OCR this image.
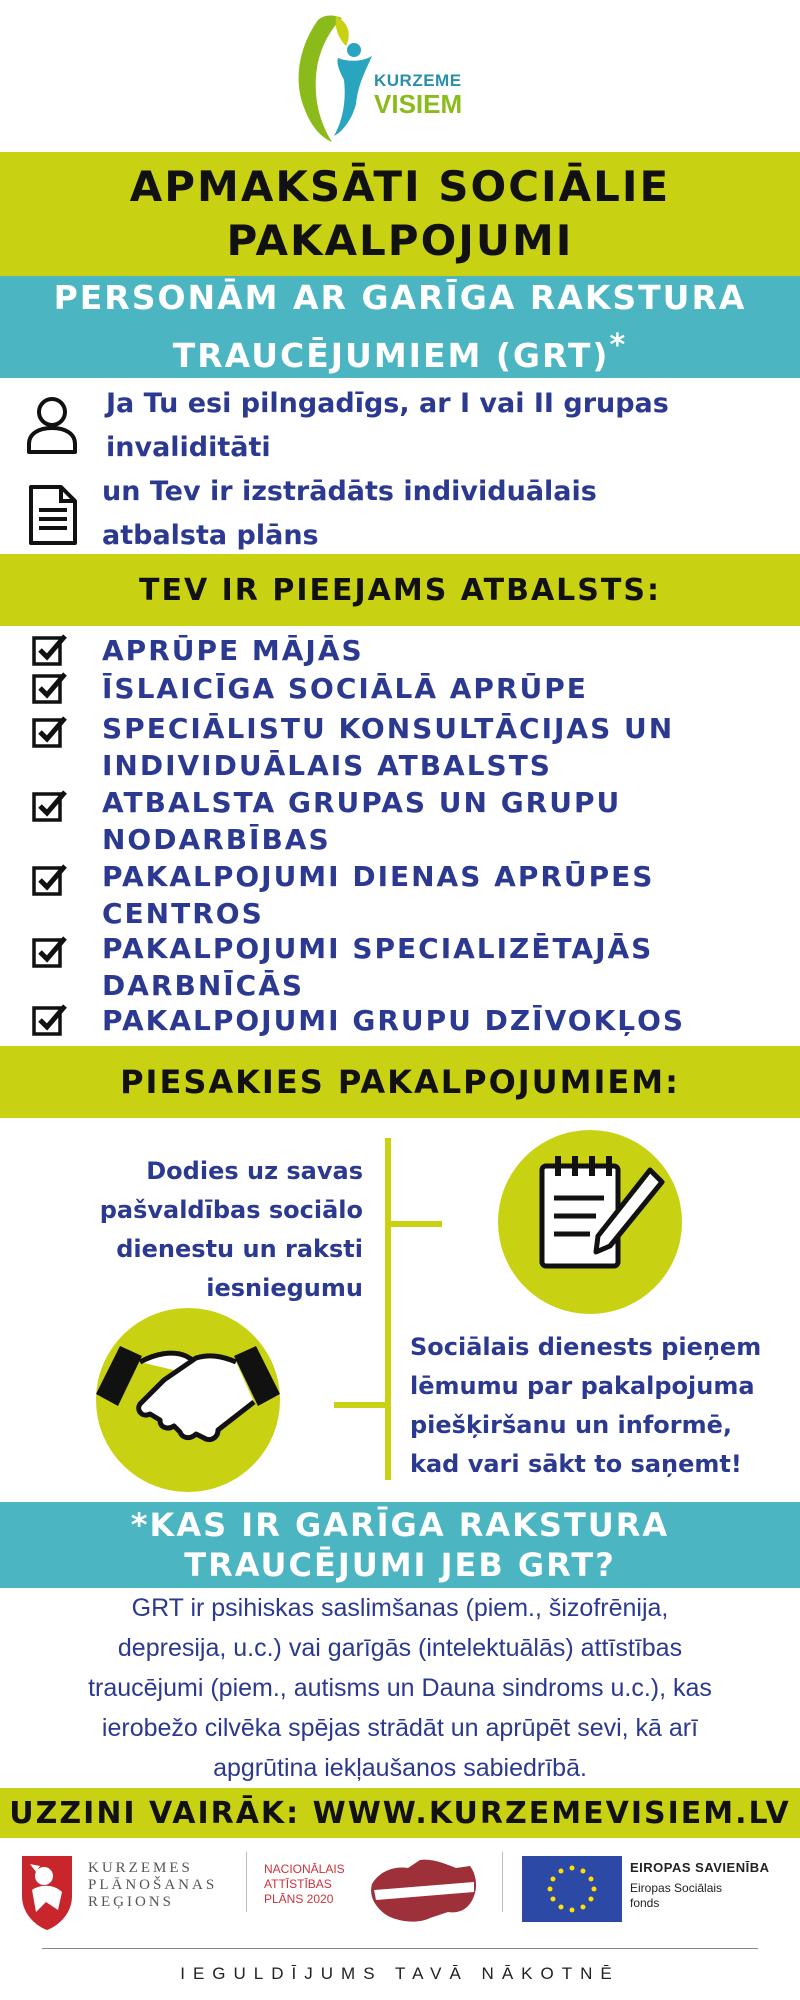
KURZEME
VISIEM
APMAKSĀTI SOCIĀLIE
PAKALPOJUMI
PERSONĀM AR GARĪGA RAKSTURA
TRAUCĒJUMIEM (GRT)*
Ja Tu esi pilngadīgs, ar I vai II grupas
invaliditāti
un Tev ir izstrādāts individuālais
atbalsta plāns
TEV IR PIEEJAMS ATBALSTS:
APRŪPE MĀJĀS
ĪSLAICĪGA SOCIĀLĀ APRŪPE
SPECIĀLISTU KONSULTĀCIJAS UN
INDIVIDUĀLAIS ATBALSTS
ATBALSTA GRUPAS UN GRUPU
NODARBĪBAS
PAKALPOJUMI DIENAS APRŪPES
CENTROS
PAKALPOJUMI SPECIALIZĒTAJĀS
DARBNĪCĀS
PAKALPOJUMI GRUPU DZĪVOKĻOS
PIESAKIES PAKALPOJUMIEM:
Dodies uz savas
pašvaldības sociālo
dienestu un raksti
iesniegumu
Sociālais dienests pieņem
lēmumu par pakalpojuma
piešķiršanu un informē,
kad vari sākt to saņemt!
*KAS IR GARĪGA RAKSTURA
TRAUCĒJUMI JEB GRT?
GRT ir psihiskas saslimšanas (piem., šizofrēnija,
depresija, u.c.) vai garīgās (intelektuālās) attīstības
traucējumi (piem., autisms un Dauna sindroms u.c.), kas
ierobežo cilvēka spējas strādāt un aprūpēt sevi, kā arī
apgrūtina iekļaušanos sabiedrībā.
UZZINI VAIRĀK: WWW.KURZEMEVISIEM.LV
KURZEMES
PLĀNOŠANAS
REĢIONS
NACIONĀLAIS
ATTĪSTĪBAS
PLĀNS 2020
EIROPAS SAVIENĪBA
Eiropas Sociālais
fonds
IEGULDĪJUMS TAVĀ NĀKOTNĒ
